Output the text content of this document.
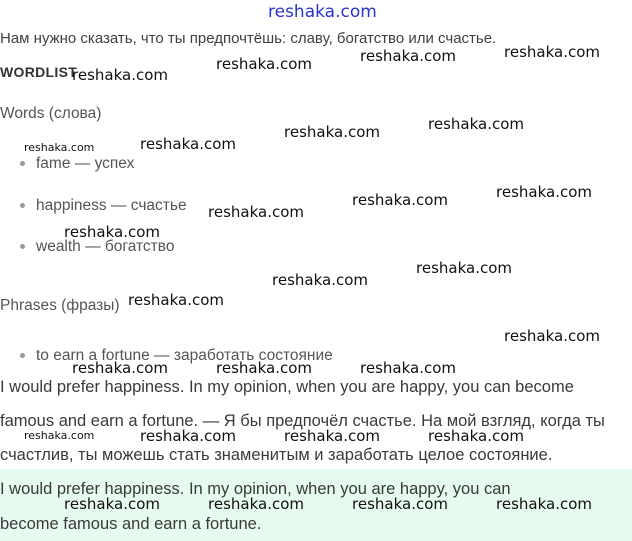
reshaka.com
Нам нужно сказать, что ты предпочтёшь: славу, богатство или счастье.
WORDLIST
Words (слова)
fame — успех
happiness — счастье
wealth — богатство
Phrases (фразы)
to earn a fortune — заработать состояние
I would prefer happiness. In my opinion, when you are happy, you can become
famous and earn a fortune. — Я бы предпочёл счастье. На мой взгляд, когда ты
счастлив, ты можешь стать знаменитым и заработать целое состояние.
I would prefer happiness. In my opinion, when you are happy, you can
become famous and earn a fortune.
reshaka.com
reshaka.com	reshaka.com	reshaka.com
reshaka.com	reshaka.com
reshaka.com	reshaka.com
reshaka.com
reshaka.com
reshaka.com
reshaka.com
reshaka.com
reshaka.com
reshaka.com
reshaka.com
reshaka.com	reshaka.com	reshaka.com
reshaka.com	reshaka.com	reshaka.com	reshaka.com
reshaka.com	reshaka.com	reshaka.com	reshaka.com
